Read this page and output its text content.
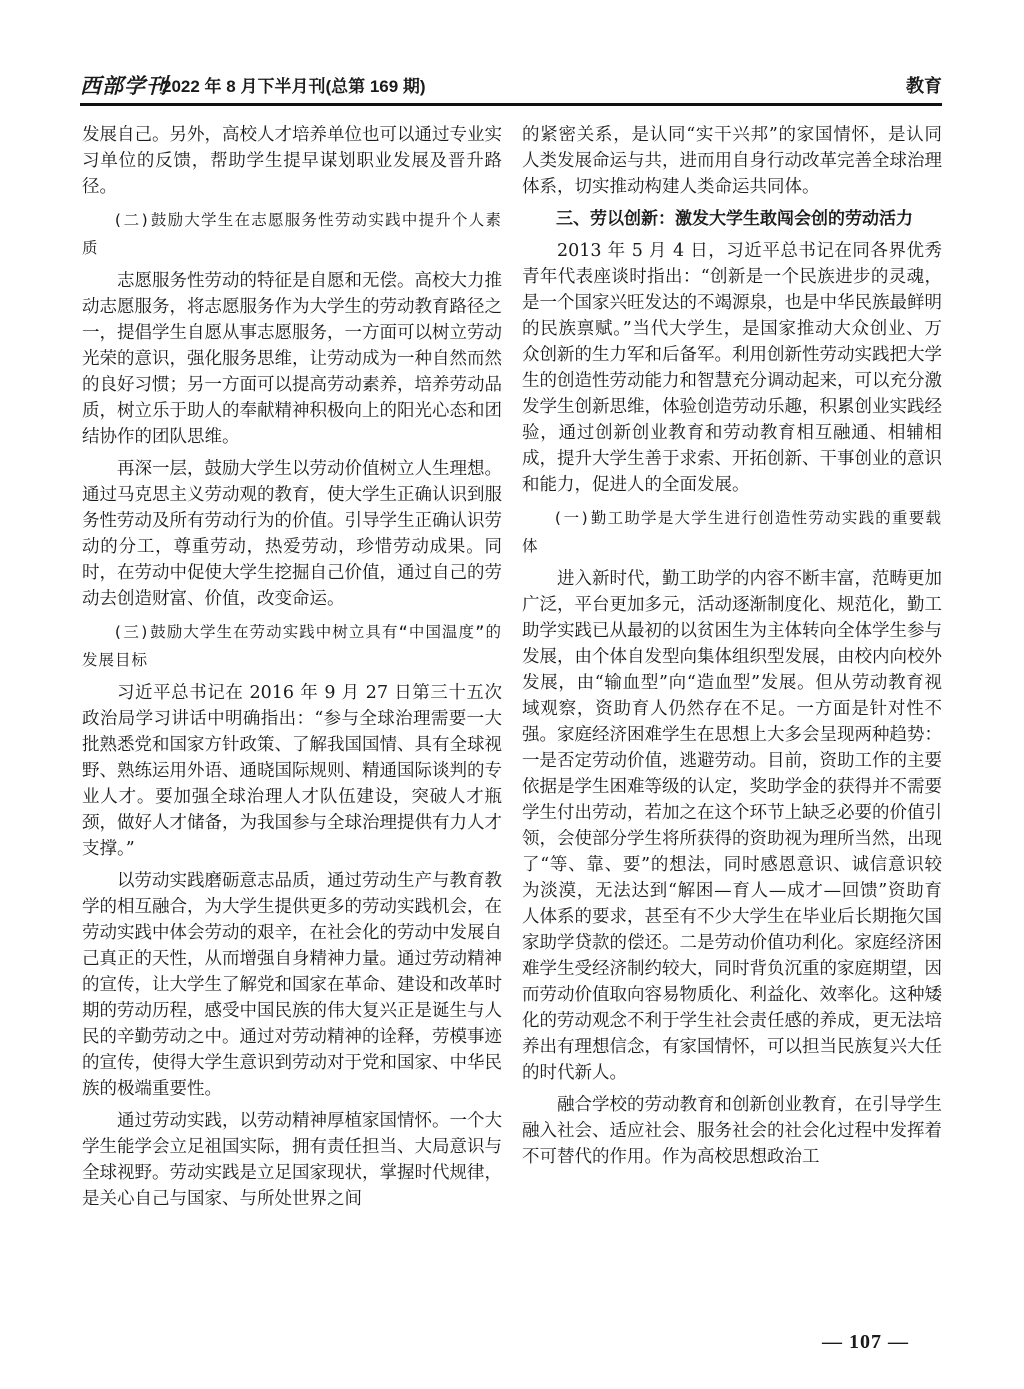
西部学刊
2022 年 8 月下半月刊(总第 169 期)	教育

发展自己。另外，高校人才培养单位也可以通过专业实习单位的反馈，帮助学生提早谋划职业发展及晋升路径。

(二)鼓励大学生在志愿服务性劳动实践中提升个人素质

志愿服务性劳动的特征是自愿和无偿。高校大力推动志愿服务，将志愿服务作为大学生的劳动教育路径之一，提倡学生自愿从事志愿服务，一方面可以树立劳动光荣的意识，强化服务思维，让劳动成为一种自然而然的良好习惯；另一方面可以提高劳动素养，培养劳动品质，树立乐于助人的奉献精神积极向上的阳光心态和团结协作的团队思维。

再深一层，鼓励大学生以劳动价值树立人生理想。通过马克思主义劳动观的教育，使大学生正确认识到服务性劳动及所有劳动行为的价值。引导学生正确认识劳动的分工，尊重劳动，热爱劳动，珍惜劳动成果。同时，在劳动中促使大学生挖掘自己价值，通过自己的劳动去创造财富、价值，改变命运。

(三)鼓励大学生在劳动实践中树立具有“中国温度”的发展目标

习近平总书记在 2016 年 9 月 27 日第三十五次政治局学习讲话中明确指出：“参与全球治理需要一大批熟悉党和国家方针政策、了解我国国情、具有全球视野、熟练运用外语、通晓国际规则、精通国际谈判的专业人才。要加强全球治理人才队伍建设，突破人才瓶颈，做好人才储备，为我国参与全球治理提供有力人才支撑。”

以劳动实践磨砺意志品质，通过劳动生产与教育教学的相互融合，为大学生提供更多的劳动实践机会，在劳动实践中体会劳动的艰辛，在社会化的劳动中发展自己真正的天性，从而增强自身精神力量。通过劳动精神的宣传，让大学生了解党和国家在革命、建设和改革时期的劳动历程，感受中国民族的伟大复兴正是诞生与人民的辛勤劳动之中。通过对劳动精神的诠释，劳模事迹的宣传，使得大学生意识到劳动对于党和国家、中华民族的极端重要性。

通过劳动实践，以劳动精神厚植家国情怀。一个大学生能学会立足祖国实际，拥有责任担当、大局意识与全球视野。劳动实践是立足国家现状，掌握时代规律，是关心自己与国家、与所处世界之间

的紧密关系，是认同“实干兴邦”的家国情怀，是认同人类发展命运与共，进而用自身行动改革完善全球治理体系，切实推动构建人类命运共同体。

三、劳以创新：激发大学生敢闯会创的劳动活力

2013 年 5 月 4 日，习近平总书记在同各界优秀青年代表座谈时指出：“创新是一个民族进步的灵魂，是一个国家兴旺发达的不竭源泉，也是中华民族最鲜明的民族禀赋。”当代大学生，是国家推动大众创业、万众创新的生力军和后备军。利用创新性劳动实践把大学生的创造性劳动能力和智慧充分调动起来，可以充分激发学生创新思维，体验创造劳动乐趣，积累创业实践经验，通过创新创业教育和劳动教育相互融通、相辅相成，提升大学生善于求索、开拓创新、干事创业的意识和能力，促进人的全面发展。

(一)勤工助学是大学生进行创造性劳动实践的重要载体

进入新时代，勤工助学的内容不断丰富，范畴更加广泛，平台更加多元，活动逐渐制度化、规范化，勤工助学实践已从最初的以贫困生为主体转向全体学生参与发展，由个体自发型向集体组织型发展，由校内向校外发展，由“输血型”向“造血型”发展。但从劳动教育视域观察，资助育人仍然存在不足。一方面是针对性不强。家庭经济困难学生在思想上大多会呈现两种趋势：一是否定劳动价值，逃避劳动。目前，资助工作的主要依据是学生困难等级的认定，奖助学金的获得并不需要学生付出劳动，若加之在这个环节上缺乏必要的价值引领，会使部分学生将所获得的资助视为理所当然，出现了“等、靠、要”的想法，同时感恩意识、诚信意识较为淡漠，无法达到“解困—育人—成才—回馈”资助育人体系的要求，甚至有不少大学生在毕业后长期拖欠国家助学贷款的偿还。二是劳动价值功利化。家庭经济困难学生受经济制约较大，同时背负沉重的家庭期望，因而劳动价值取向容易物质化、利益化、效率化。这种矮化的劳动观念不利于学生社会责任感的养成，更无法培养出有理想信念，有家国情怀，可以担当民族复兴大任的时代新人。

融合学校的劳动教育和创新创业教育，在引导学生融入社会、适应社会、服务社会的社会化过程中发挥着不可替代的作用。作为高校思想政治工

— 107 —
